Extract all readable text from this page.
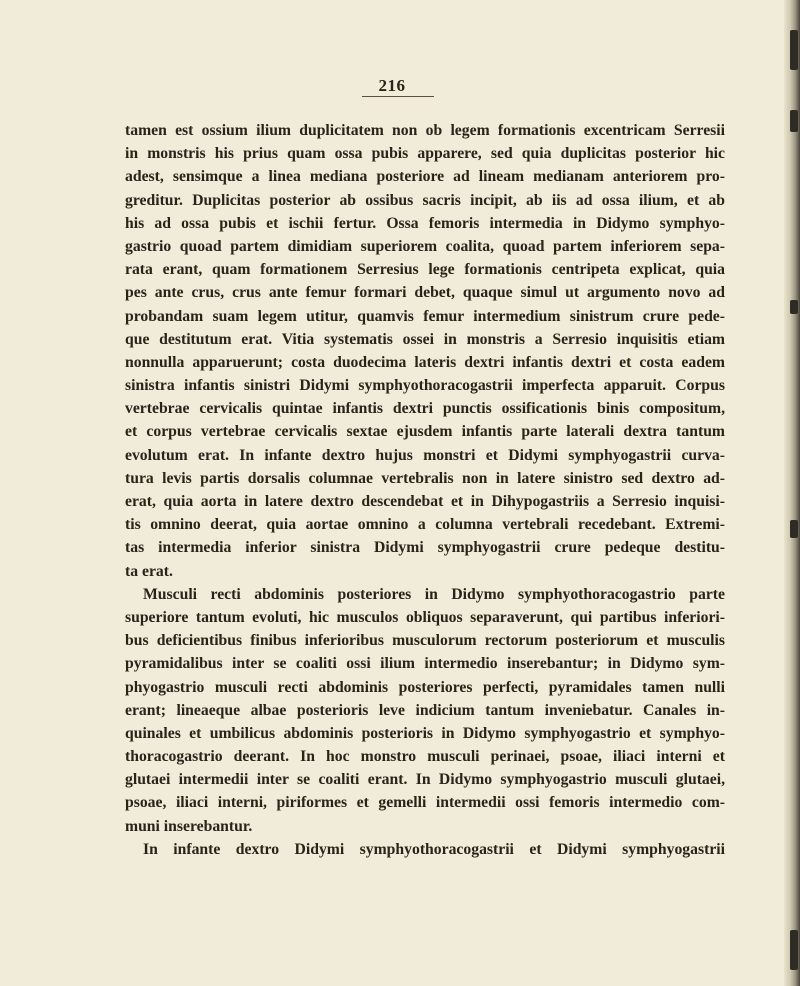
216
tamen est ossium ilium duplicitatem non ob legem formationis excentricam Serresii
in monstris his prius quam ossa pubis apparere, sed quia duplicitas posterior hic
adest, sensimque a linea mediana posteriore ad lineam medianam anteriorem pro-
greditur. Duplicitas posterior ab ossibus sacris incipit, ab iis ad ossa ilium, et ab
his ad ossa pubis et ischii fertur. Ossa femoris intermedia in Didymo symphyo-
gastrio quoad partem dimidiam superiorem coalita, quoad partem inferiorem sepa-
rata erant, quam formationem Serresius lege formationis centripeta explicat, quia
pes ante crus, crus ante femur formari debet, quaque simul ut argumento novo ad
probandam suam legem utitur, quamvis femur intermedium sinistrum crure pede-
que destitutum erat. Vitia systematis ossei in monstris a Serresio inquisitis etiam
nonnulla apparuerunt; costa duodecima lateris dextri infantis dextri et costa eadem
sinistra infantis sinistri Didymi symphyothoracogastrii imperfecta apparuit. Corpus
vertebrae cervicalis quintae infantis dextri punctis ossificationis binis compositum,
et corpus vertebrae cervicalis sextae ejusdem infantis parte laterali dextra tantum
evolutum erat. In infante dextro hujus monstri et Didymi symphyogastrii curva-
tura levis partis dorsalis columnae vertebralis non in latere sinistro sed dextro ad-
erat, quia aorta in latere dextro descendebat et in Dihypogastriis a Serresio inquisi-
tis omnino deerat, quia aortae omnino a columna vertebrali recedebant. Extremi-
tas intermedia inferior sinistra Didymi symphyogastrii crure pedeque destitu-
ta erat.
Musculi recti abdominis posteriores in Didymo symphyothoracogastrio parte
superiore tantum evoluti, hic musculos obliquos separaverunt, qui partibus inferiori-
bus deficientibus finibus inferioribus musculorum rectorum posteriorum et musculis
pyramidalibus inter se coaliti ossi ilium intermedio inserebantur; in Didymo sym-
phyogastrio musculi recti abdominis posteriores perfecti, pyramidales tamen nulli
erant; lineaeque albae posterioris leve indicium tantum inveniebatur. Canales in-
quinales et umbilicus abdominis posterioris in Didymo symphyogastrio et symphyo-
thoracogastrio deerant. In hoc monstro musculi perinaei, psoae, iliaci interni et
glutaei intermedii inter se coaliti erant. In Didymo symphyogastrio musculi glutaei,
psoae, iliaci interni, piriformes et gemelli intermedii ossi femoris intermedio com-
muni inserebantur.
In infante dextro Didymi symphyothoracogastrii et Didymi symphyogastrii
